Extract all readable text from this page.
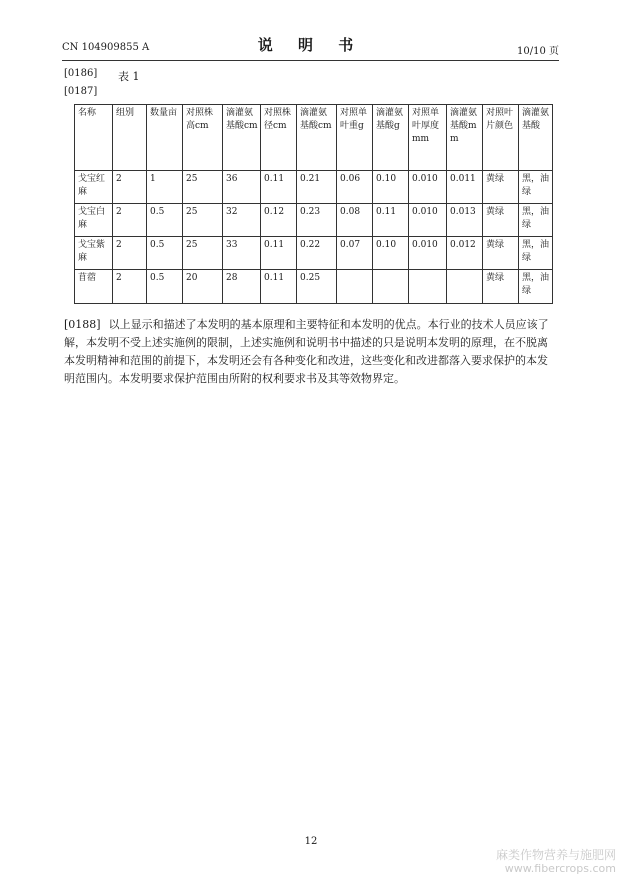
CN 104909855 A	说 明 书	10/10 页
[0186] 表 1
[0187]
名称	组别	数量亩	对照株高cm	滴灌氨基酸cm	对照株径cm	滴灌氨基酸cm	对照单叶重g	滴灌氨基酸g	对照单叶厚度mm	滴灌氨基酸mm	对照叶片颜色	滴灌氨基酸
戈宝红麻	2	1	25	36	0.11	0.21	0.06	0.10	0.010	0.011	黄绿	黑，油绿
戈宝白麻	2	0.5	25	32	0.12	0.23	0.08	0.11	0.010	0.013	黄绿	黑，油绿
戈宝紫麻	2	0.5	25	33	0.11	0.22	0.07	0.10	0.010	0.012	黄绿	黑，油绿
苜蓿	2	0.5	20	28	0.11	0.25					黄绿	黑，油绿

[0188] 以上显示和描述了本发明的基本原理和主要特征和本发明的优点。本行业的技术人员应该了解，本发明不受上述实施例的限制，上述实施例和说明书中描述的只是说明本发明的原理，在不脱离本发明精神和范围的前提下，本发明还会有各种变化和改进，这些变化和改进都落入要求保护的本发明范围内。本发明要求保护范围由所附的权利要求书及其等效物界定。

12
麻类作物营养与施肥网
www.fibercrops.com
